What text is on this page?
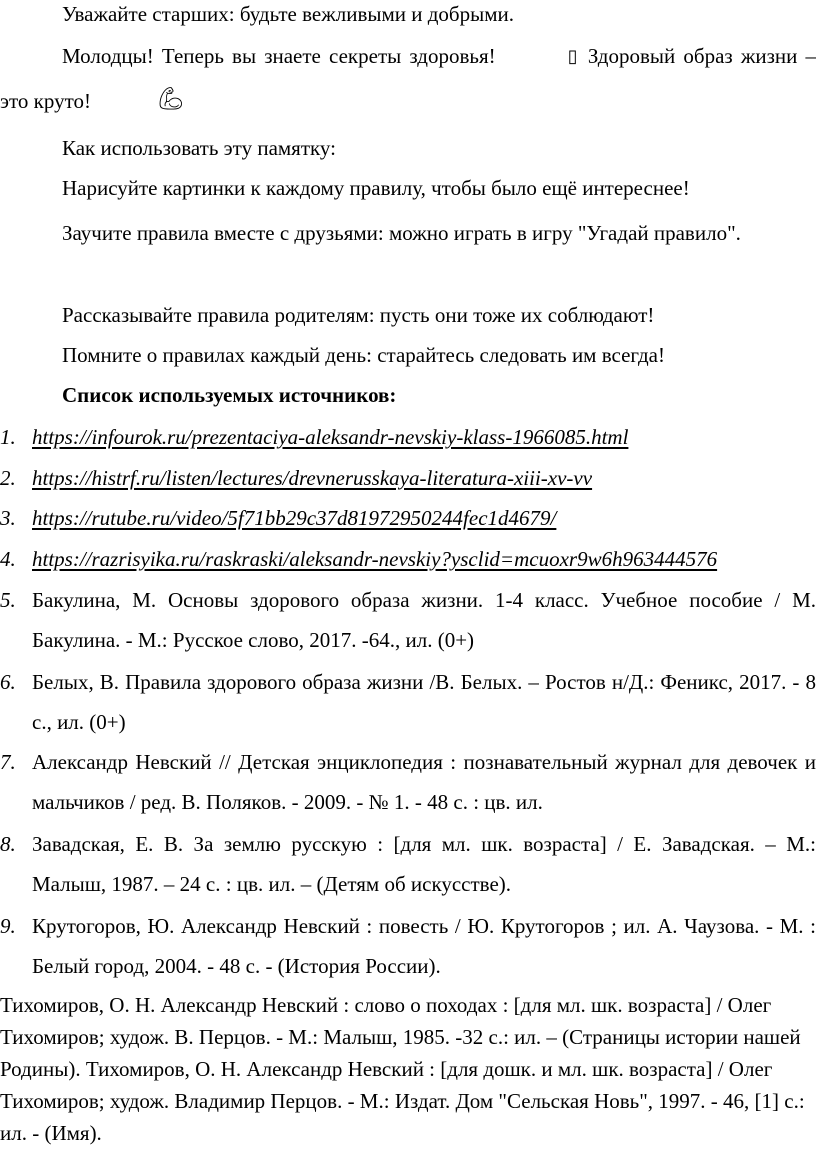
Уважайте старших: будьте вежливыми и добрыми.

Молодцы! Теперь вы знаете секреты здоровья!	▯ Здоровый образ жизни – это круто!	💪︎

Как использовать эту памятку:

Нарисуйте картинки к каждому правилу, чтобы было ещё интереснее!

Заучите правила вместе с друзьями: можно играть в игру "Угадай правило".

Рассказывайте правила родителям: пусть они тоже их соблюдают!

Помните о правилах каждый день: старайтесь следовать им всегда!

Список используемых источников:

1. https://infourok.ru/prezentaciya-aleksandr-nevskiy-klass-1966085.html
2. https://histrf.ru/listen/lectures/drevnerusskaya-literatura-xiii-xv-vv
3. https://rutube.ru/video/5f71bb29c37d81972950244fec1d4679/
4. https://razrisyika.ru/raskraski/aleksandr-nevskiy?ysclid=mcuoxr9w6h963444576
5. Бакулина, М. Основы здорового образа жизни. 1-4 класс. Учебное пособие / М. Бакулина. - М.: Русское слово, 2017. -64., ил. (0+)
6. Белых, В. Правила здорового образа жизни /В. Белых. – Ростов н/Д.: Феникс, 2017. - 8 с., ил. (0+)
7. Александр Невский // Детская энциклопедия : познавательный журнал для девочек и мальчиков / ред. В. Поляков. - 2009. - № 1. - 48 с. : цв. ил.
8. Завадская, Е. В. За землю русскую : [для мл. шк. возраста] / Е. Завадская. – М.: Малыш, 1987. – 24 с. : цв. ил. – (Детям об искусстве).
9. Крутогоров, Ю. Александр Невский : повесть / Ю. Крутогоров ; ил. А. Чаузова. - М. : Белый город, 2004. - 48 с. - (История России).

Тихомиров, О. Н. Александр Невский : слово о походах : [для мл. шк. возраста] / Олег Тихомиров; худож. В. Перцов. - М.: Малыш, 1985. -32 с.: ил. – (Страницы истории нашей Родины). Тихомиров, О. Н. Александр Невский : [для дошк. и мл. шк. возраста] / Олег Тихомиров; худож. Владимир Перцов. - М.: Издат. Дом "Сельская Новь", 1997. - 46, [1] с.: ил. - (Имя).
